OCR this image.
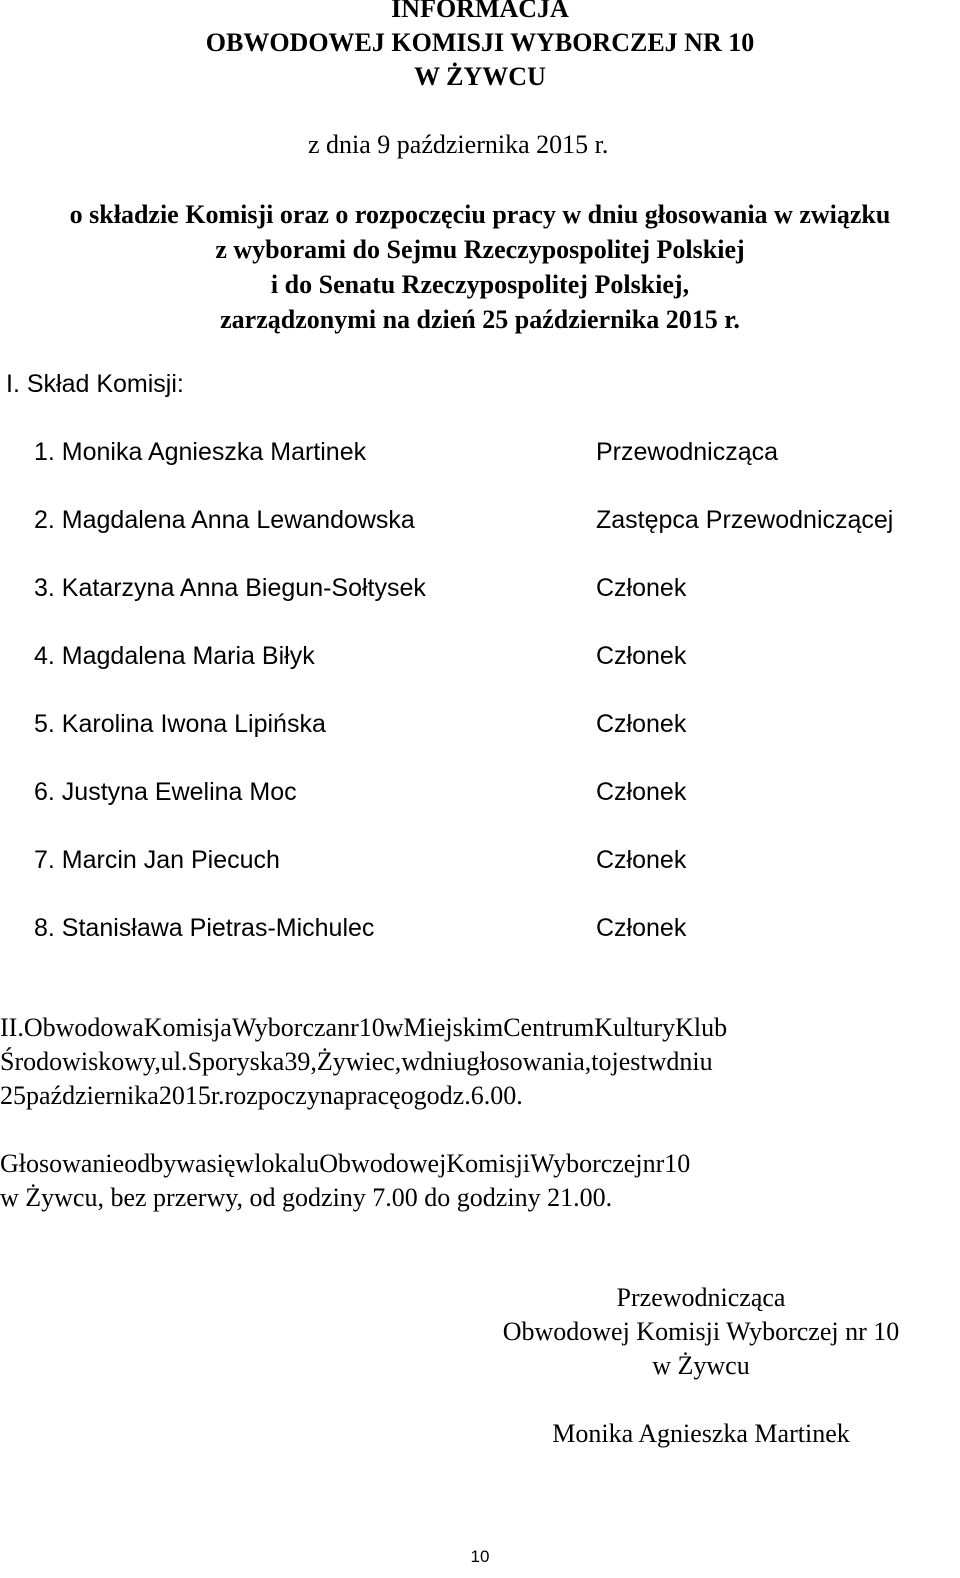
INFORMACJA
OBWODOWEJ KOMISJI WYBORCZEJ NR 10
W ŻYWCU
z dnia 9 października 2015 r.
o składzie Komisji oraz o rozpoczęciu pracy w dniu głosowania w związku
z wyborami do Sejmu Rzeczypospolitej Polskiej
i do Senatu Rzeczypospolitej Polskiej,
zarządzonymi na dzień 25 października 2015 r.
I. Skład Komisji:
1. Monika Agnieszka Martinek	Przewodnicząca
2. Magdalena Anna Lewandowska	Zastępca Przewodniczącej
3. Katarzyna Anna Biegun-Sołtysek	Członek
4. Magdalena Maria Biłyk	Członek
5. Karolina Iwona Lipińska	Członek
6. Justyna Ewelina Moc	Członek
7. Marcin Jan Piecuch	Członek
8. Stanisława Pietras-Michulec	Członek
II.ObwodowaKomisjaWyborczanr10wMiejskimCentrumKulturyKlub
Środowiskowy,ul.Sporyska39,Żywiec,wdniugłosowania,tojestwdniu
25października2015r.rozpoczynapracęogodz.6.00.
GłosowanieodbywasięwlokaluObwodowejKomisjiWyborczejnr10
w Żywcu, bez przerwy, od godziny 7.00 do godziny 21.00.
Przewodnicząca
Obwodowej Komisji Wyborczej nr 10
w Żywcu
Monika Agnieszka Martinek
10
